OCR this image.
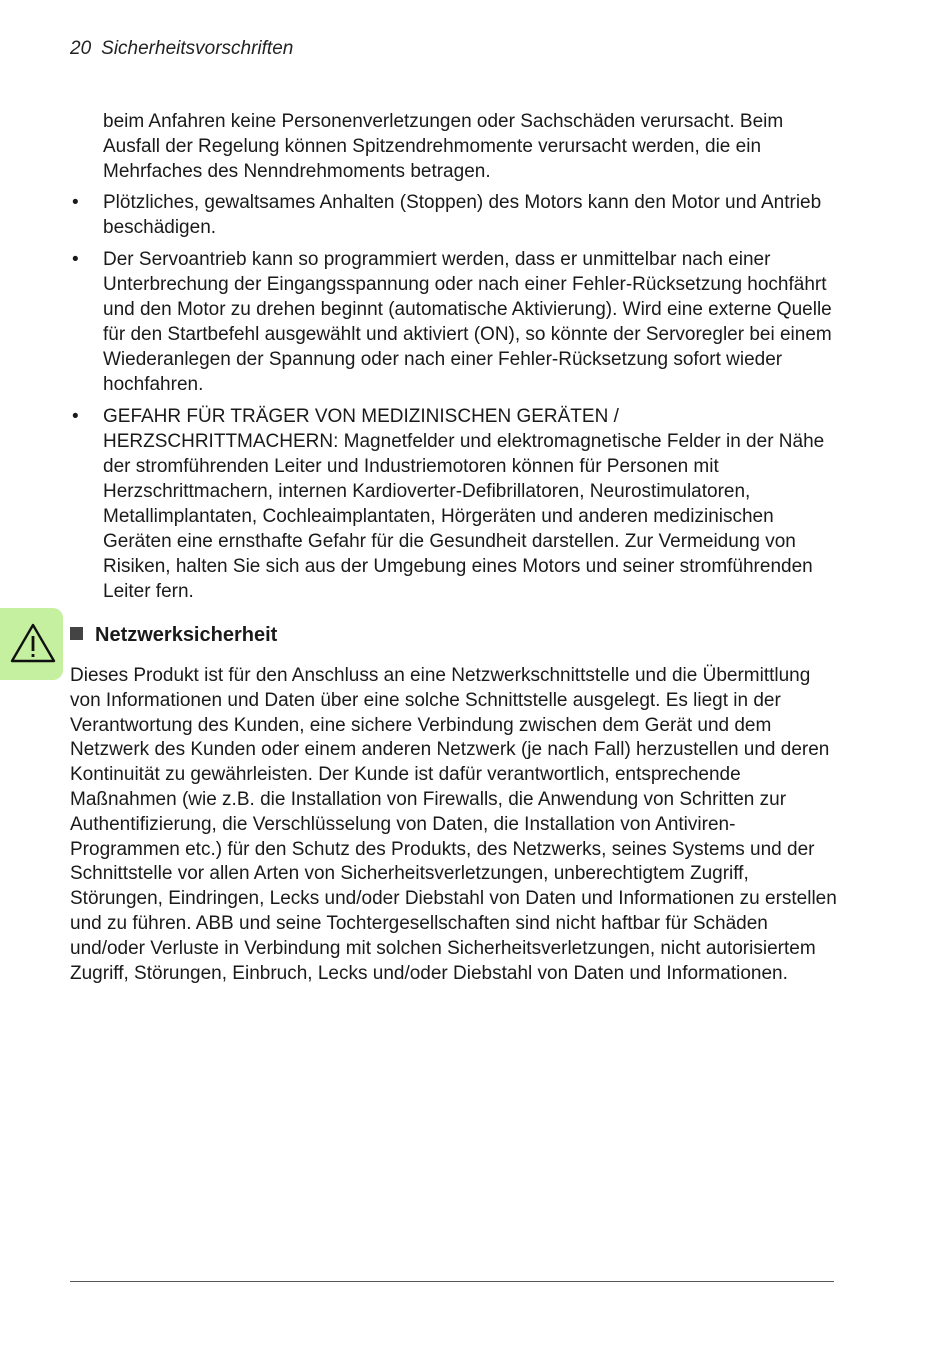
20 Sicherheitsvorschriften

beim Anfahren keine Personenverletzungen oder Sachschäden verursacht. Beim Ausfall der Regelung können Spitzendrehmomente verursacht werden, die ein Mehrfaches des Nenndrehmoments betragen.

• Plötzliches, gewaltsames Anhalten (Stoppen) des Motors kann den Motor und Antrieb beschädigen.
• Der Servoantrieb kann so programmiert werden, dass er unmittelbar nach einer Unterbrechung der Eingangsspannung oder nach einer Fehler-Rücksetzung hochfährt und den Motor zu drehen beginnt (automatische Aktivierung). Wird eine externe Quelle für den Startbefehl ausgewählt und aktiviert (ON), so könnte der Servoregler bei einem Wiederanlegen der Spannung oder nach einer Fehler-Rücksetzung sofort wieder hochfahren.
• GEFAHR FÜR TRÄGER VON MEDIZINISCHEN GERÄTEN / HERZSCHRITTMACHERN: Magnetfelder und elektromagnetische Felder in der Nähe der stromführenden Leiter und Industriemotoren können für Personen mit Herzschrittmachern, internen Kardioverter-Defibrillatoren, Neurostimulatoren, Metallimplantaten, Cochleaimplantaten, Hörgeräten und anderen medizinischen Geräten eine ernsthafte Gefahr für die Gesundheit darstellen. Zur Vermeidung von Risiken, halten Sie sich aus der Umgebung eines Motors und seiner stromführenden Leiter fern.
Netzwerksicherheit

Dieses Produkt ist für den Anschluss an eine Netzwerkschnittstelle und die Übermittlung von Informationen und Daten über eine solche Schnittstelle ausgelegt. Es liegt in der Verantwortung des Kunden, eine sichere Verbindung zwischen dem Gerät und dem Netzwerk des Kunden oder einem anderen Netzwerk (je nach Fall) herzustellen und deren Kontinuität zu gewährleisten. Der Kunde ist dafür verantwortlich, entsprechende Maßnahmen (wie z.B. die Installation von Firewalls, die Anwendung von Schritten zur Authentifizierung, die Verschlüsselung von Daten, die Installation von Antiviren-Programmen etc.) für den Schutz des Produkts, des Netzwerks, seines Systems und der Schnittstelle vor allen Arten von Sicherheitsverletzungen, unberechtigtem Zugriff, Störungen, Eindringen, Lecks und/oder Diebstahl von Daten und Informationen zu erstellen und zu führen. ABB und seine Tochtergesellschaften sind nicht haftbar für Schäden und/oder Verluste in Verbindung mit solchen Sicherheitsverletzungen, nicht autorisiertem Zugriff, Störungen, Einbruch, Lecks und/oder Diebstahl von Daten und Informationen.
